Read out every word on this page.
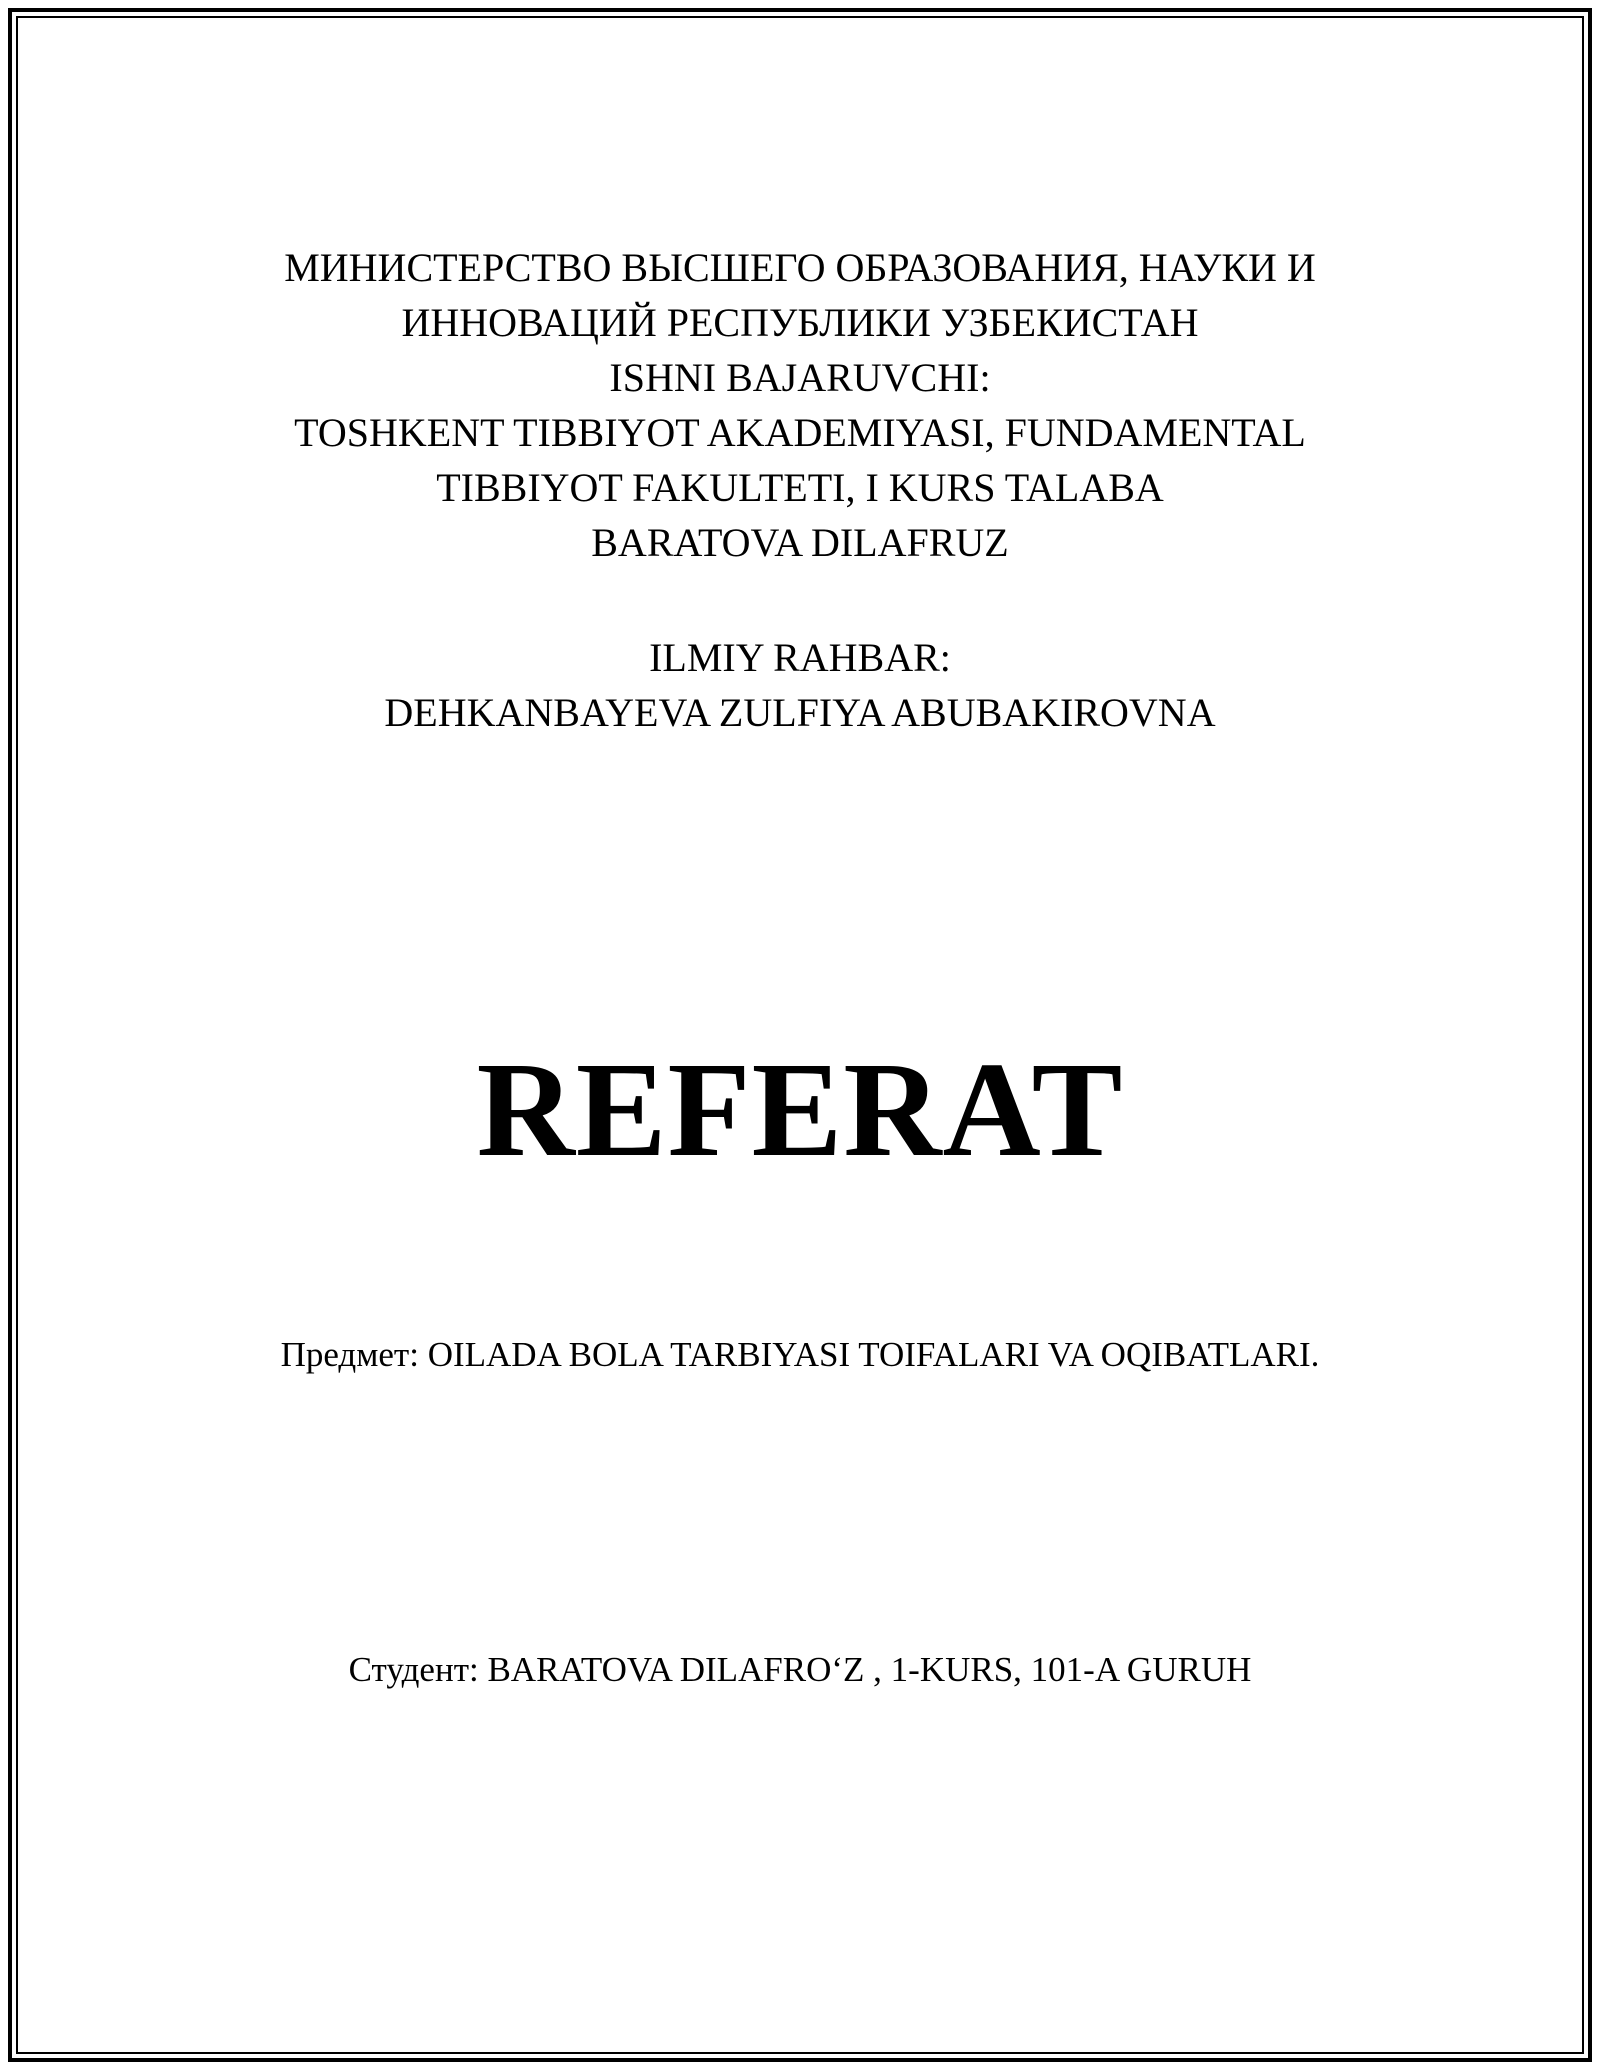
МИНИСТЕРСТВО ВЫСШЕГО ОБРАЗОВАНИЯ, НАУКИ И
ИННОВАЦИЙ РЕСПУБЛИКИ УЗБЕКИСТАН
ISHNI BAJARUVCHI:
TOSHKENT TIBBIYOT AKADEMIYASI, FUNDAMENTAL
TIBBIYOT FAKULTETI, I KURS TALABA
BARATOVA DILAFRUZ
ILMIY RAHBAR:
DEHKANBAYEVA ZULFIYA ABUBAKIROVNA
REFERAT
Предмет: OILADA BOLA TARBIYASI TOIFALARI VA OQIBATLARI.
Студент: BARATOVA DILAFRO‘Z , 1-KURS, 101-A GURUH
